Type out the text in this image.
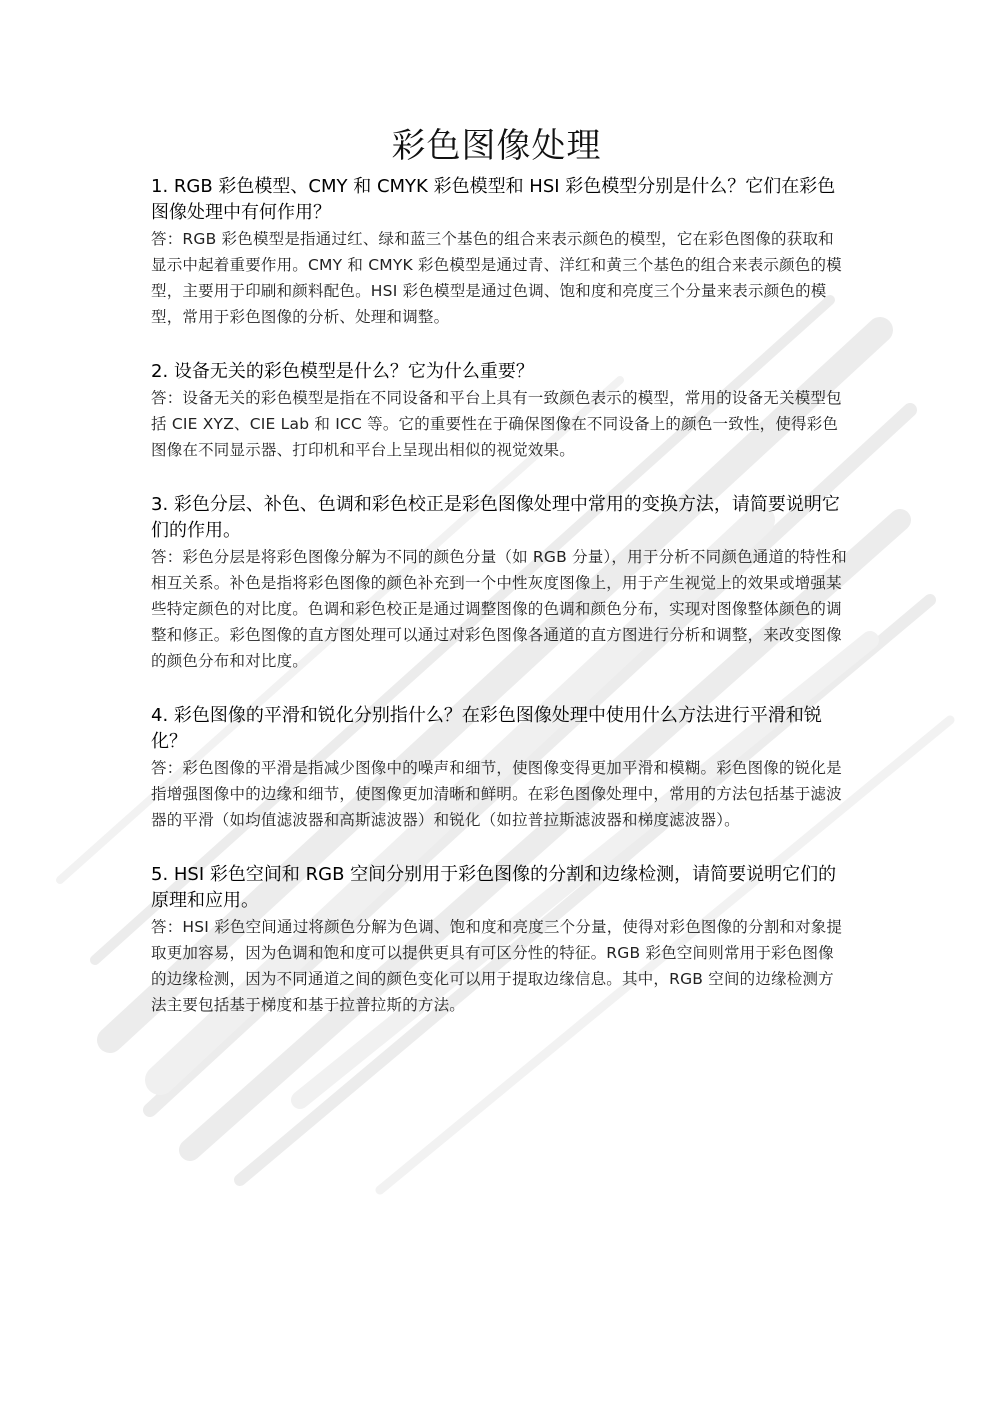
彩色图像处理

1. RGB 彩色模型、CMY 和 CMYK 彩色模型和 HSI 彩色模型分别是什么？它们在彩色图像处理中有何作用？

答：RGB 彩色模型是指通过红、绿和蓝三个基色的组合来表示颜色的模型，它在彩色图像的获取和显示中起着重要作用。CMY 和 CMYK 彩色模型是通过青、洋红和黄三个基色的组合来表示颜色的模型，主要用于印刷和颜料配色。HSI 彩色模型是通过色调、饱和度和亮度三个分量来表示颜色的模型，常用于彩色图像的分析、处理和调整。

2. 设备无关的彩色模型是什么？它为什么重要？

答：设备无关的彩色模型是指在不同设备和平台上具有一致颜色表示的模型，常用的设备无关模型包括 CIE XYZ、CIE Lab 和 ICC 等。它的重要性在于确保图像在不同设备上的颜色一致性，使得彩色图像在不同显示器、打印机和平台上呈现出相似的视觉效果。

3. 彩色分层、补色、色调和彩色校正是彩色图像处理中常用的变换方法，请简要说明它们的作用。

答：彩色分层是将彩色图像分解为不同的颜色分量（如 RGB 分量），用于分析不同颜色通道的特性和相互关系。补色是指将彩色图像的颜色补充到一个中性灰度图像上，用于产生视觉上的效果或增强某些特定颜色的对比度。色调和彩色校正是通过调整图像的色调和颜色分布，实现对图像整体颜色的调整和修正。彩色图像的直方图处理可以通过对彩色图像各通道的直方图进行分析和调整，来改变图像的颜色分布和对比度。

4. 彩色图像的平滑和锐化分别指什么？在彩色图像处理中使用什么方法进行平滑和锐化？

答：彩色图像的平滑是指减少图像中的噪声和细节，使图像变得更加平滑和模糊。彩色图像的锐化是指增强图像中的边缘和细节，使图像更加清晰和鲜明。在彩色图像处理中，常用的方法包括基于滤波器的平滑（如均值滤波器和高斯滤波器）和锐化（如拉普拉斯滤波器和梯度滤波器）。

5. HSI 彩色空间和 RGB 空间分别用于彩色图像的分割和边缘检测，请简要说明它们的原理和应用。

答：HSI 彩色空间通过将颜色分解为色调、饱和度和亮度三个分量，使得对彩色图像的分割和对象提取更加容易，因为色调和饱和度可以提供更具有可区分性的特征。RGB 彩色空间则常用于彩色图像的边缘检测，因为不同通道之间的颜色变化可以用于提取边缘信息。其中，RGB 空间的边缘检测方法主要包括基于梯度和基于拉普拉斯的方法。
